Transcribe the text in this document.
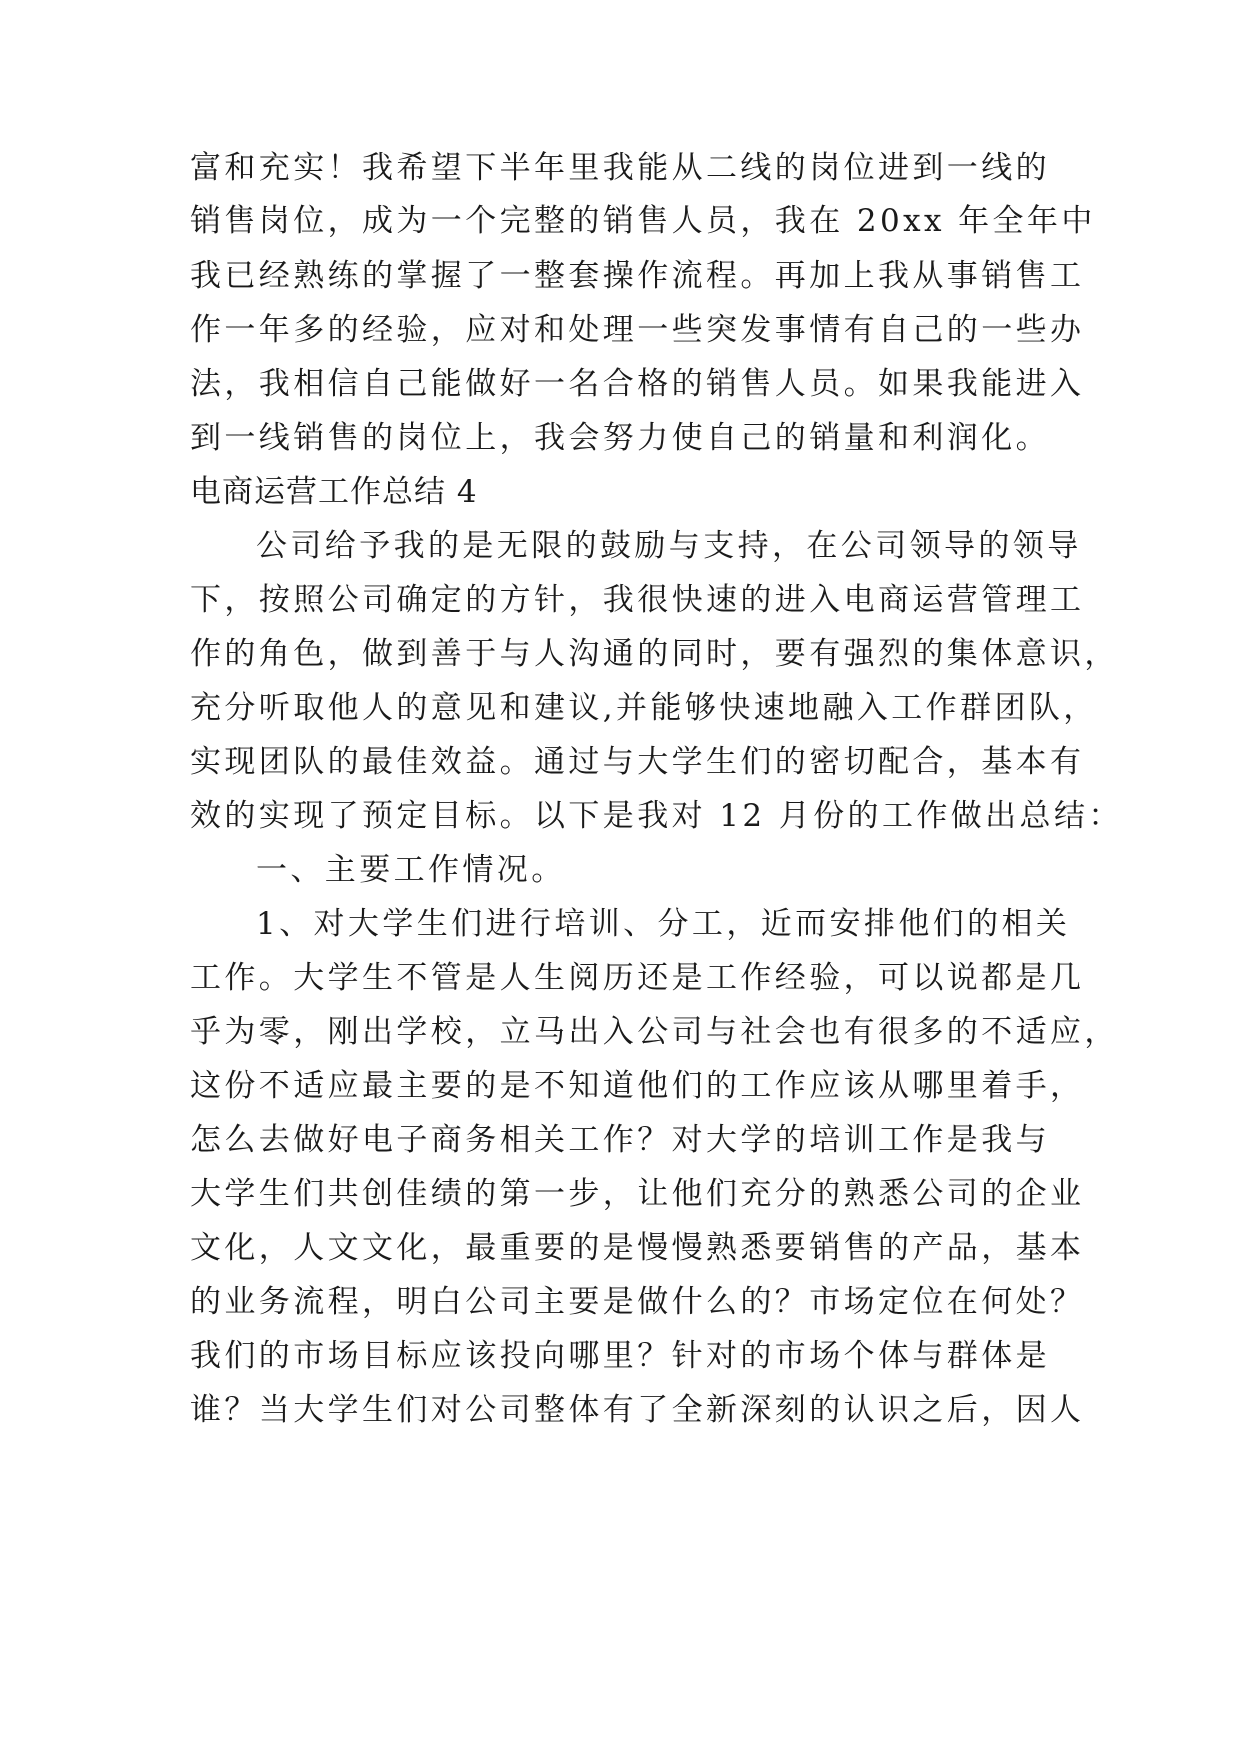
富和充实！我希望下半年里我能从二线的岗位进到一线的
销售岗位，成为一个完整的销售人员，我在 20xx 年全年中
我已经熟练的掌握了一整套操作流程。再加上我从事销售工
作一年多的经验，应对和处理一些突发事情有自己的一些办
法，我相信自己能做好一名合格的销售人员。如果我能进入
到一线销售的岗位上，我会努力使自己的销量和利润化。
电商运营工作总结 4
公司给予我的是无限的鼓励与支持，在公司领导的领导
下，按照公司确定的方针，我很快速的进入电商运营管理工
作的角色，做到善于与人沟通的同时，要有强烈的集体意识，
充分听取他人的意见和建议,并能够快速地融入工作群团队，
实现团队的最佳效益。通过与大学生们的密切配合，基本有
效的实现了预定目标。以下是我对 12 月份的工作做出总结：
一、主要工作情况。
1、对大学生们进行培训、分工，近而安排他们的相关
工作。大学生不管是人生阅历还是工作经验，可以说都是几
乎为零，刚出学校，立马出入公司与社会也有很多的不适应，
这份不适应最主要的是不知道他们的工作应该从哪里着手，
怎么去做好电子商务相关工作？对大学的培训工作是我与
大学生们共创佳绩的第一步，让他们充分的熟悉公司的企业
文化，人文文化，最重要的是慢慢熟悉要销售的产品，基本
的业务流程，明白公司主要是做什么的？市场定位在何处？
我们的市场目标应该投向哪里？针对的市场个体与群体是
谁？当大学生们对公司整体有了全新深刻的认识之后，因人
